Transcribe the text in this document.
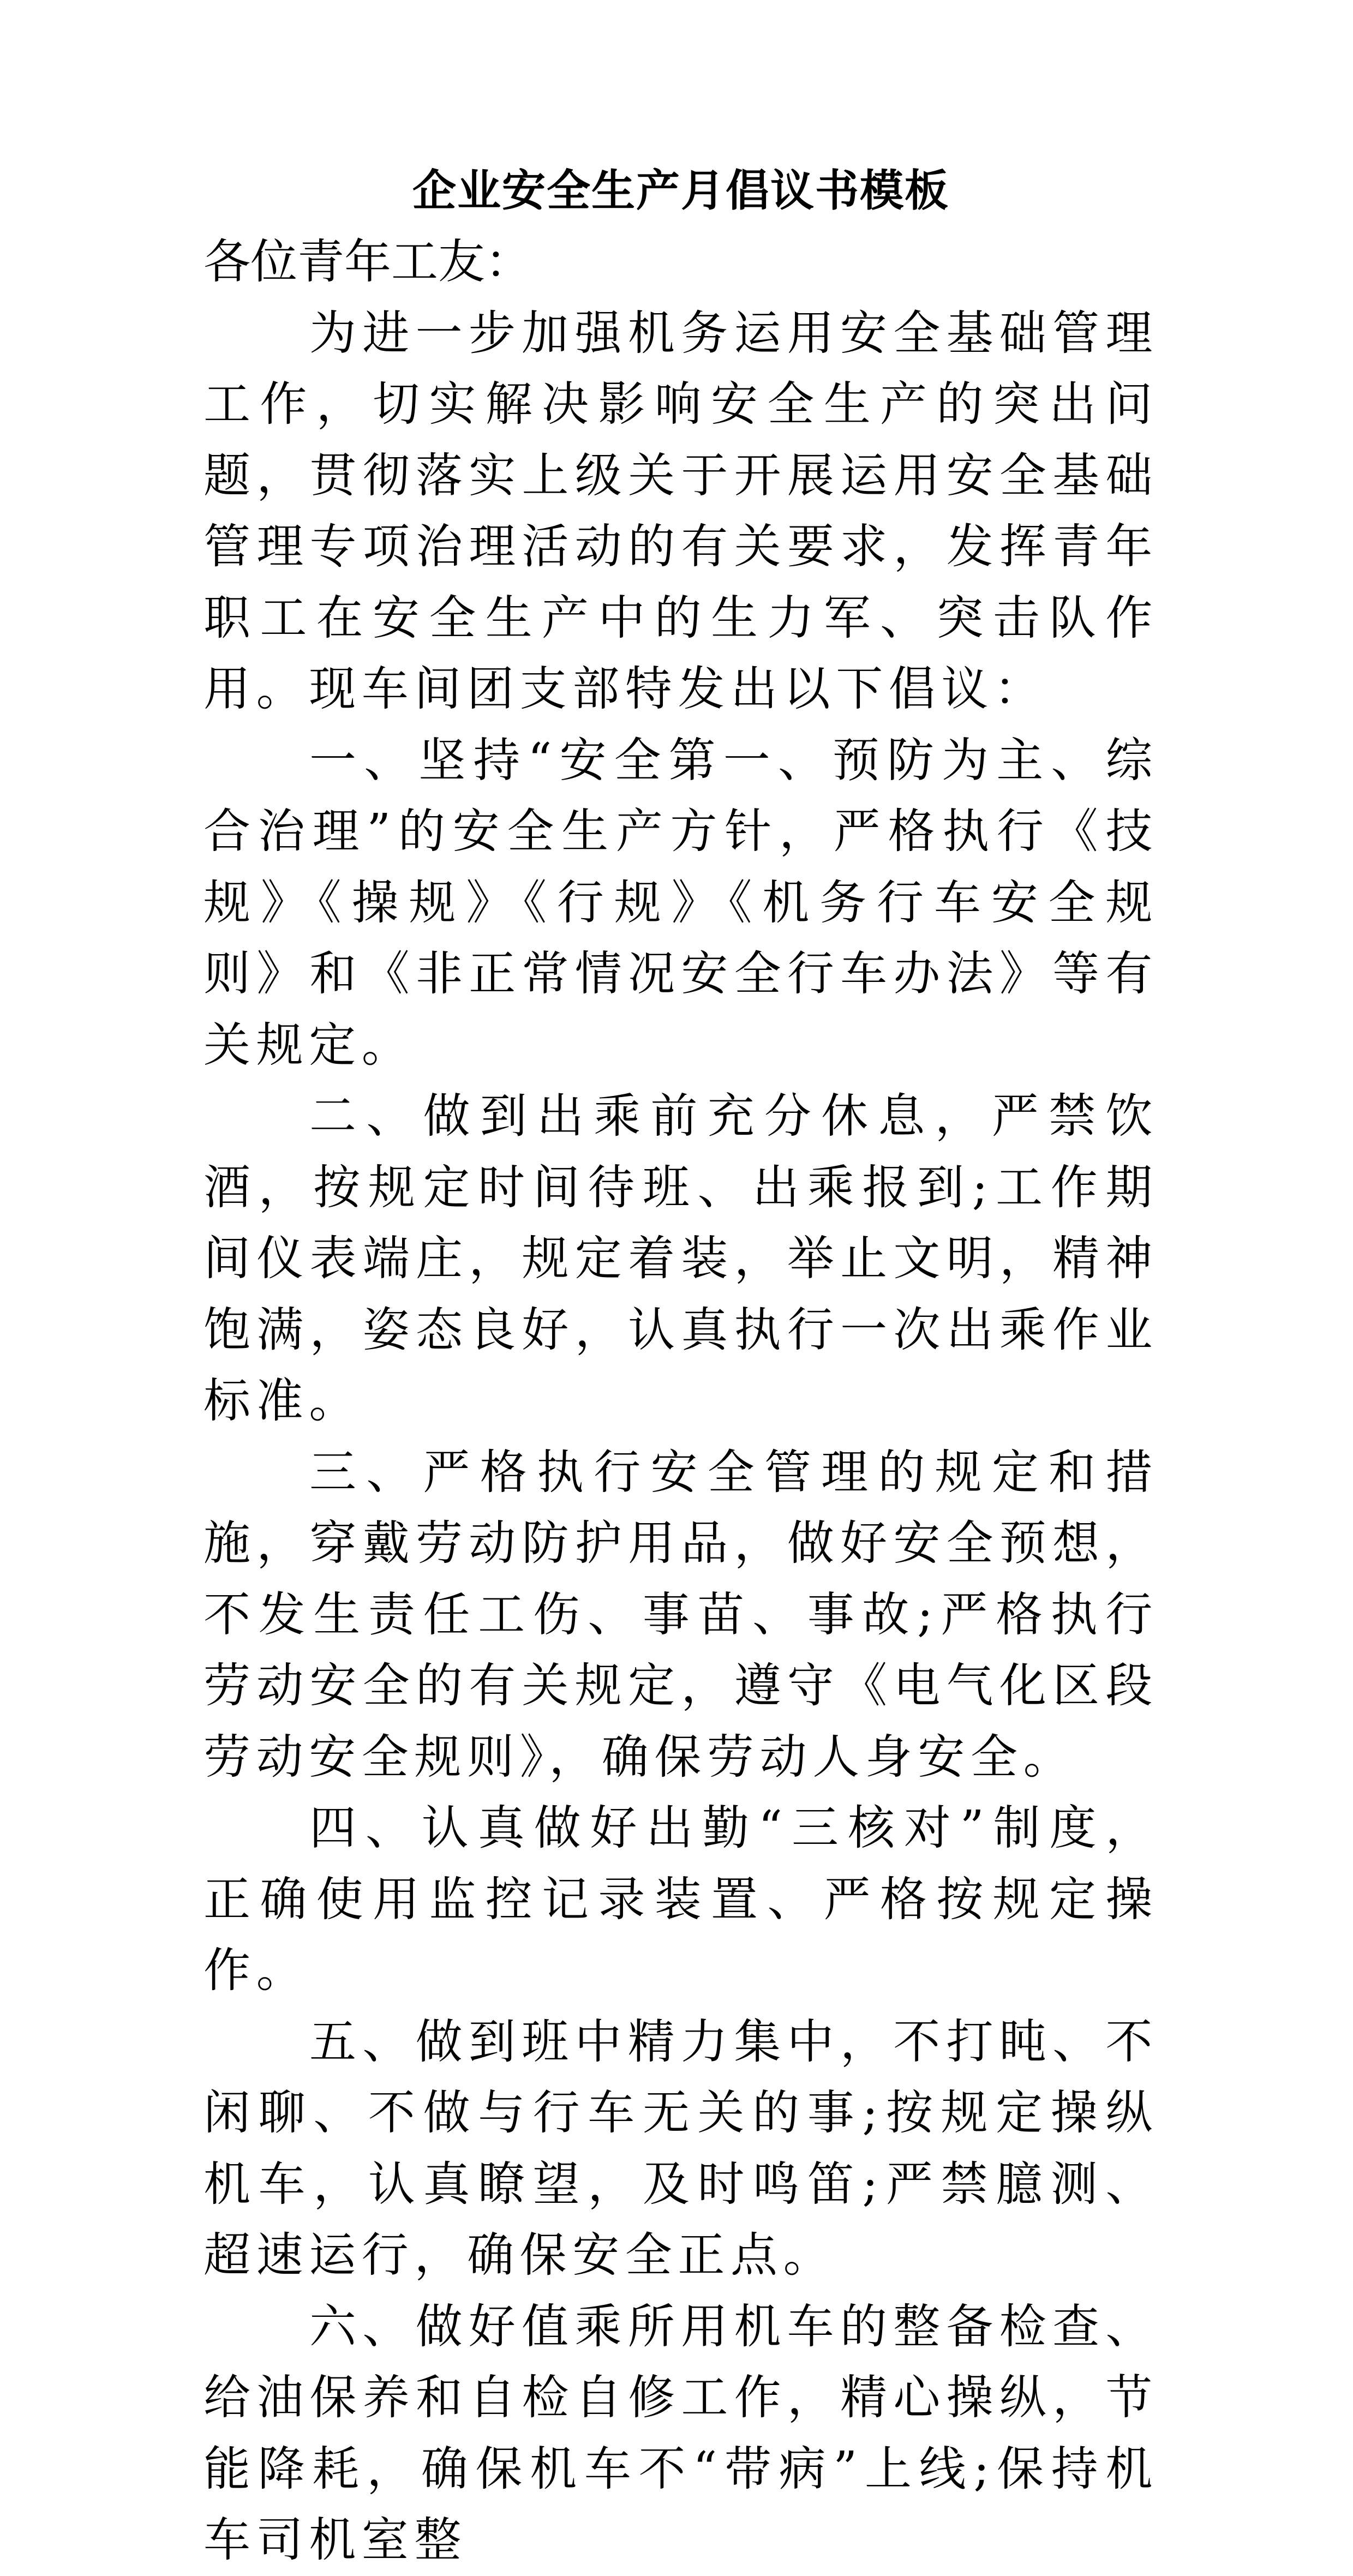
企业安全生产月倡议书模板

各位青年工友：

为进一步加强机务运用安全基础管理工作，切实解决影响安全生产的突出问题，贯彻落实上级关于开展运用安全基础管理专项治理活动的有关要求，发挥青年职工在安全生产中的生力军、突击队作用。现车间团支部特发出以下倡议：

一、坚持“安全第一、预防为主、综合治理”的安全生产方针，严格执行《技规》《操规》《行规》《机务行车安全规则》和《非正常情况安全行车办法》等有关规定。

二、做到出乘前充分休息，严禁饮酒，按规定时间待班、出乘报到;工作期间仪表端庄，规定着装，举止文明，精神饱满，姿态良好，认真执行一次出乘作业标准。

三、严格执行安全管理的规定和措施，穿戴劳动防护用品，做好安全预想，不发生责任工伤、事苗、事故;严格执行劳动安全的有关规定，遵守《电气化区段劳动安全规则》，确保劳动人身安全。

四、认真做好出勤“三核对”制度，正确使用监控记录装置、严格按规定操作。

五、做到班中精力集中，不打盹、不闲聊、不做与行车无关的事;按规定操纵机车，认真瞭望，及时鸣笛;严禁臆测、超速运行，确保安全正点。

六、做好值乘所用机车的整备检查、给油保养和自检自修工作，精心操纵，节能降耗，确保机车不“带病”上线;保持机车司机室整
